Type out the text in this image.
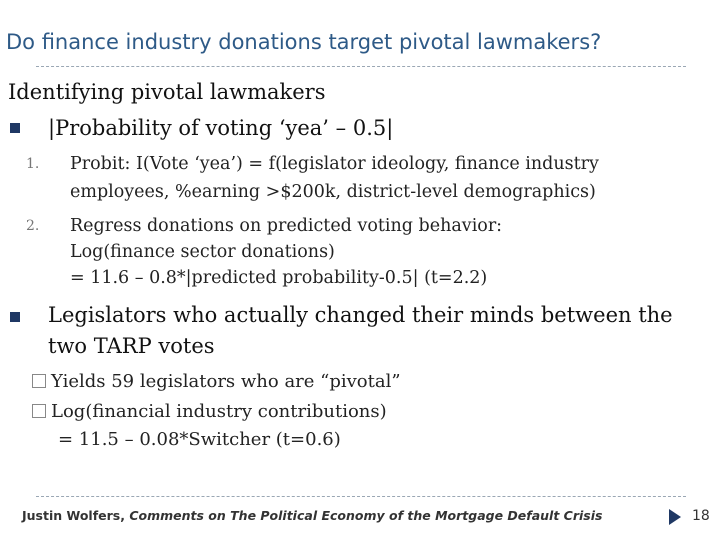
Do finance industry donations target pivotal lawmakers?
Identifying pivotal lawmakers
|Probability of voting ‘yea’ – 0.5|
1. Probit: I(Vote ‘yea’) = f(legislator ideology, finance industry
employees, %earning >$200k, district-level demographics)
2. Regress donations on predicted voting behavior:
Log(finance sector donations)
= 11.6 – 0.8*|predicted probability-0.5| (t=2.2)
Legislators who actually changed their minds between the
two TARP votes
Yields 59 legislators who are “pivotal”
Log(financial industry contributions)
= 11.5 – 0.08*Switcher (t=0.6)
Justin Wolfers, Comments on The Political Economy of the Mortgage Default Crisis	18
